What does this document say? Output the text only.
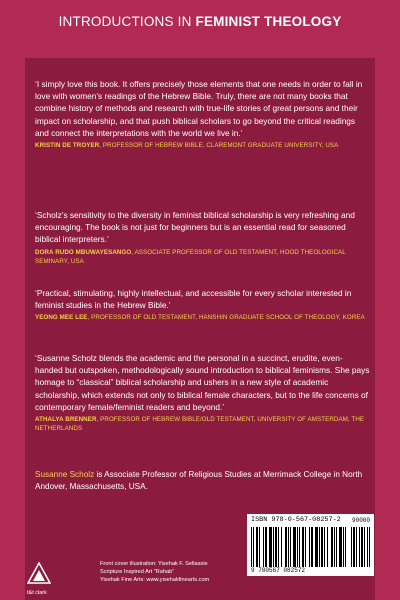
INTRODUCTIONS IN FEMINIST THEOLOGY
‘I simply love this book. It offers precisely those elements that one needs in order to fall in love with women’s readings of the Hebrew Bible. Truly, there are not many books that combine history of methods and research with true-life stories of great persons and their impact on scholarship, and that push biblical scholars to go beyond the critical readings and connect the interpretations with the world we live in.’
KRISTIN DE TROYER, PROFESSOR OF HEBREW BIBLE, CLAREMONT GRADUATE UNIVERSITY, USA
‘Scholz’s sensitivity to the diversity in feminist biblical scholarship is very refreshing and encouraging. The book is not just for beginners but is an essential read for seasoned biblical interpreters.’
DORA RUDO MBUWAYESANGO, ASSOCIATE PROFESSOR OF OLD TESTAMENT, HOOD THEOLOGICAL SEMINARY, USA
‘Practical, stimulating, highly intellectual, and accessible for every scholar interested in feminist studies in the Hebrew Bible.’
YEONG MEE LEE, PROFESSOR OF OLD TESTAMENT, HANSHIN GRADUATE SCHOOL OF THEOLOGY, KOREA
‘Susanne Scholz blends the academic and the personal in a succinct, erudite, even-handed but outspoken, methodologically sound introduction to biblical feminisms. She pays homage to “classical” biblical scholarship and ushers in a new style of academic scholarship, which extends not only to biblical female characters, but to the life concerns of contemporary female/feminist readers and beyond.’
ATHALYA BRENNER, PROFESSOR OF HEBREW BIBLE/OLD TESTAMENT, UNIVERSITY OF AMSTERDAM, THE NETHERLANDS
Susanne Scholz is Associate Professor of Religious Studies at Merrimack College in North Andover, Massachusetts, USA.
ISBN 978-0-567-08257-2
9 780567 082572
90000
t&t clark
Front cover illustration: Yisehak F. Sellassie
Scripture Inspired Art "Rahab"
Yisehak Fine Arts: www.yisehakfinearts.com
